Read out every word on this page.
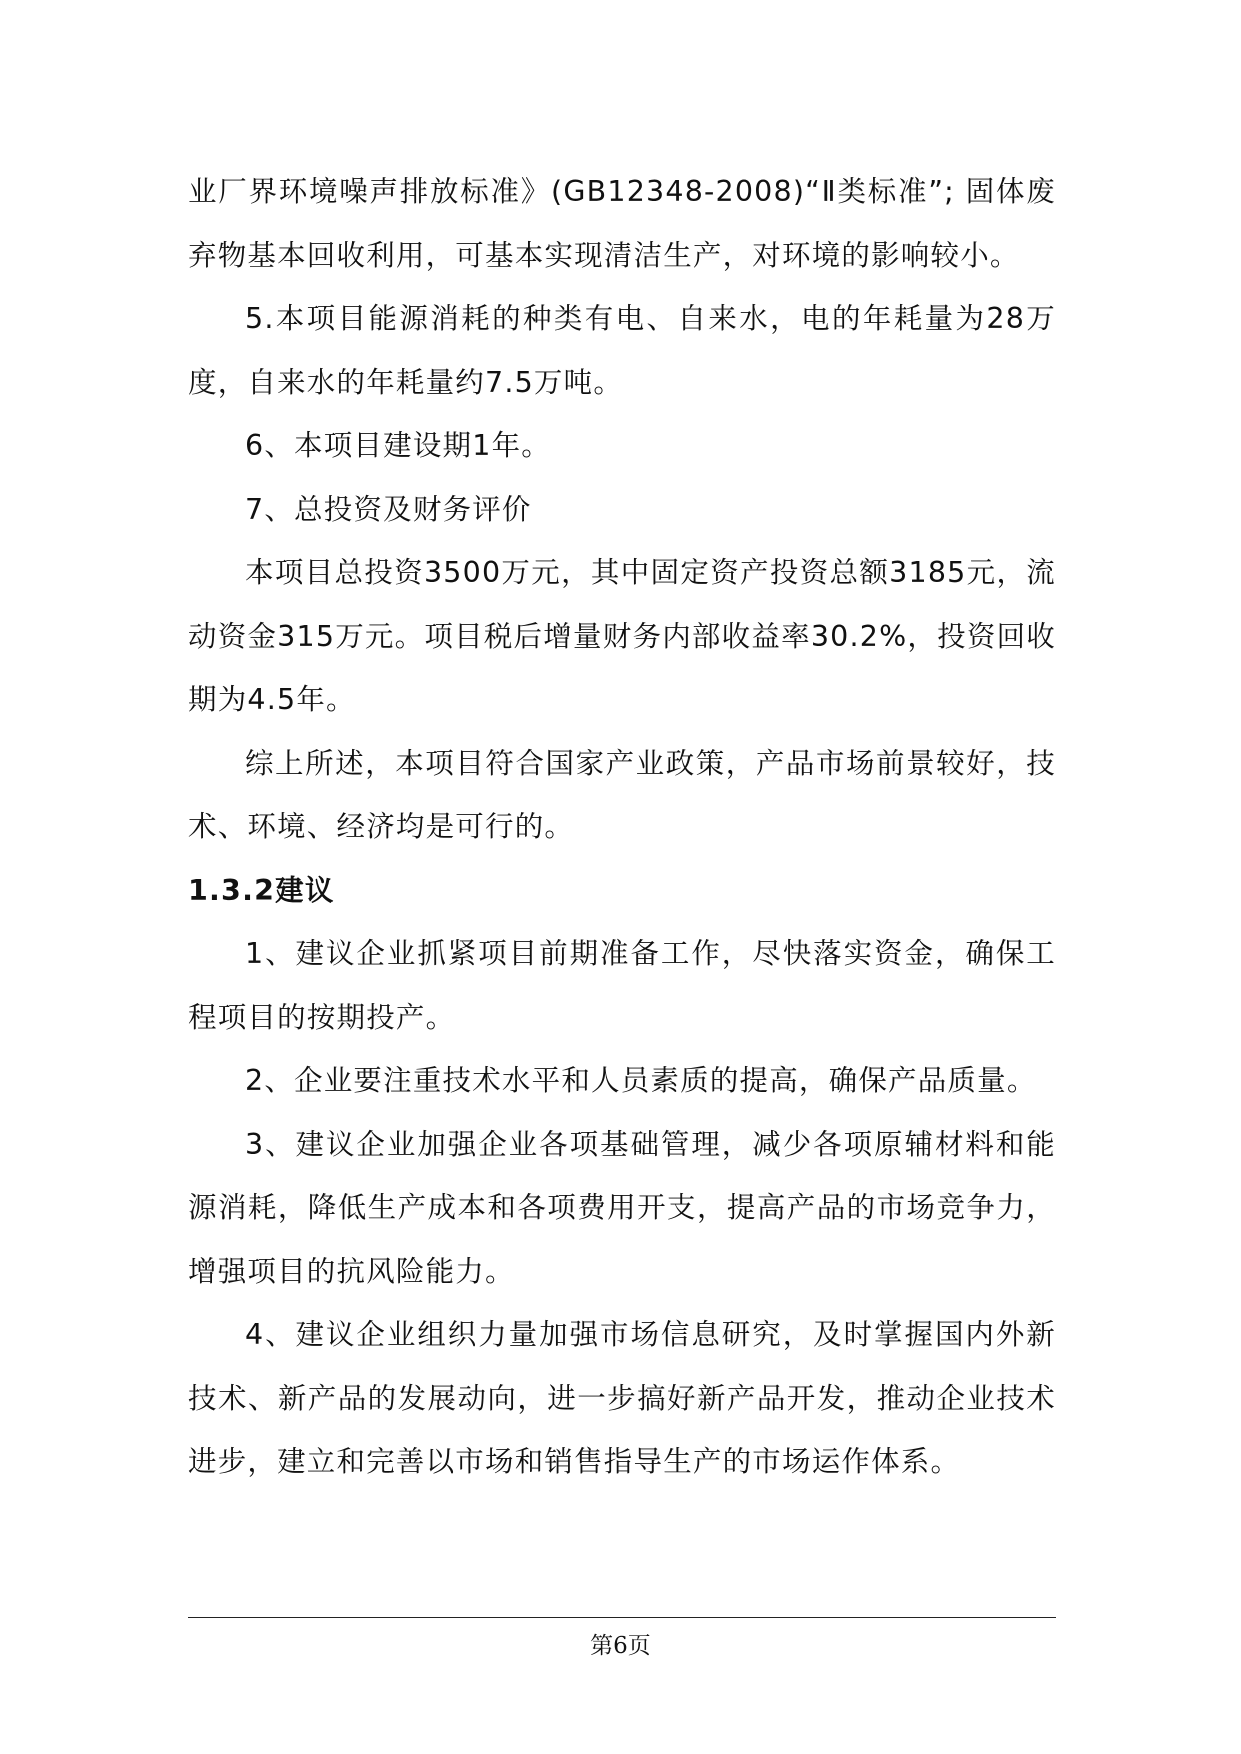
业厂界环境噪声排放标准》(GB12348-2008)“Ⅱ类标准”; 固体废弃物基本回收利用，可基本实现清洁生产，对环境的影响较小。

5.本项目能源消耗的种类有电、自来水，电的年耗量为28万度，自来水的年耗量约7.5万吨。

6、本项目建设期1年。

7、总投资及财务评价

本项目总投资3500万元，其中固定资产投资总额3185元，流动资金315万元。项目税后增量财务内部收益率30.2%，投资回收期为4.5年。

综上所述，本项目符合国家产业政策，产品市场前景较好，技术、环境、经济均是可行的。

1.3.2建议

1、建议企业抓紧项目前期准备工作，尽快落实资金，确保工程项目的按期投产。

2、企业要注重技术水平和人员素质的提高，确保产品质量。

3、建议企业加强企业各项基础管理，减少各项原辅材料和能源消耗，降低生产成本和各项费用开支，提高产品的市场竞争力，增强项目的抗风险能力。

4、建议企业组织力量加强市场信息研究，及时掌握国内外新技术、新产品的发展动向，进一步搞好新产品开发，推动企业技术进步，建立和完善以市场和销售指导生产的市场运作体系。

第6页
